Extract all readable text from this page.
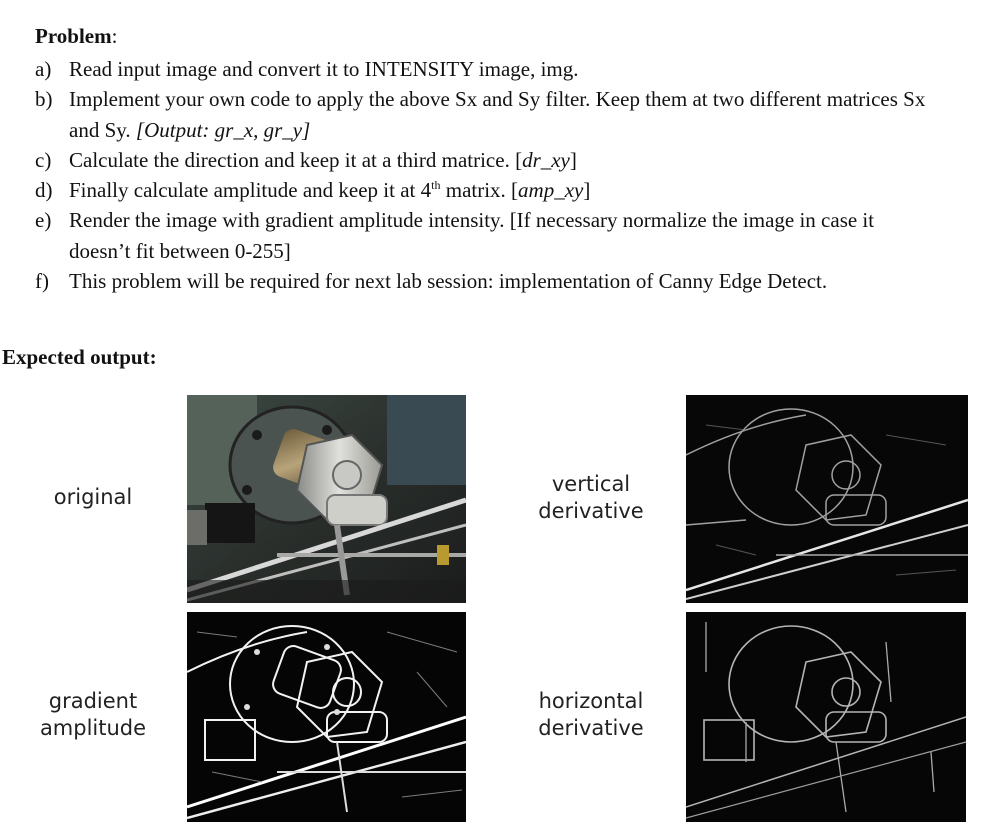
Problem:
a) Read input image and convert it to INTENSITY image, img.
b) Implement your own code to apply the above Sx and Sy filter. Keep them at two different matrices Sx and Sy. [Output: gr_x, gr_y]
c) Calculate the direction and keep it at a third matrice. [dr_xy]
d) Finally calculate amplitude and keep it at 4th matrix. [amp_xy]
e) Render the image with gradient amplitude intensity. [If necessary normalize the image in case it doesn’t fit between 0-255]
f) This problem will be required for next lab session: implementation of Canny Edge Detect.
Expected output:
original
vertical
derivative
gradient
amplitude
horizontal
derivative
